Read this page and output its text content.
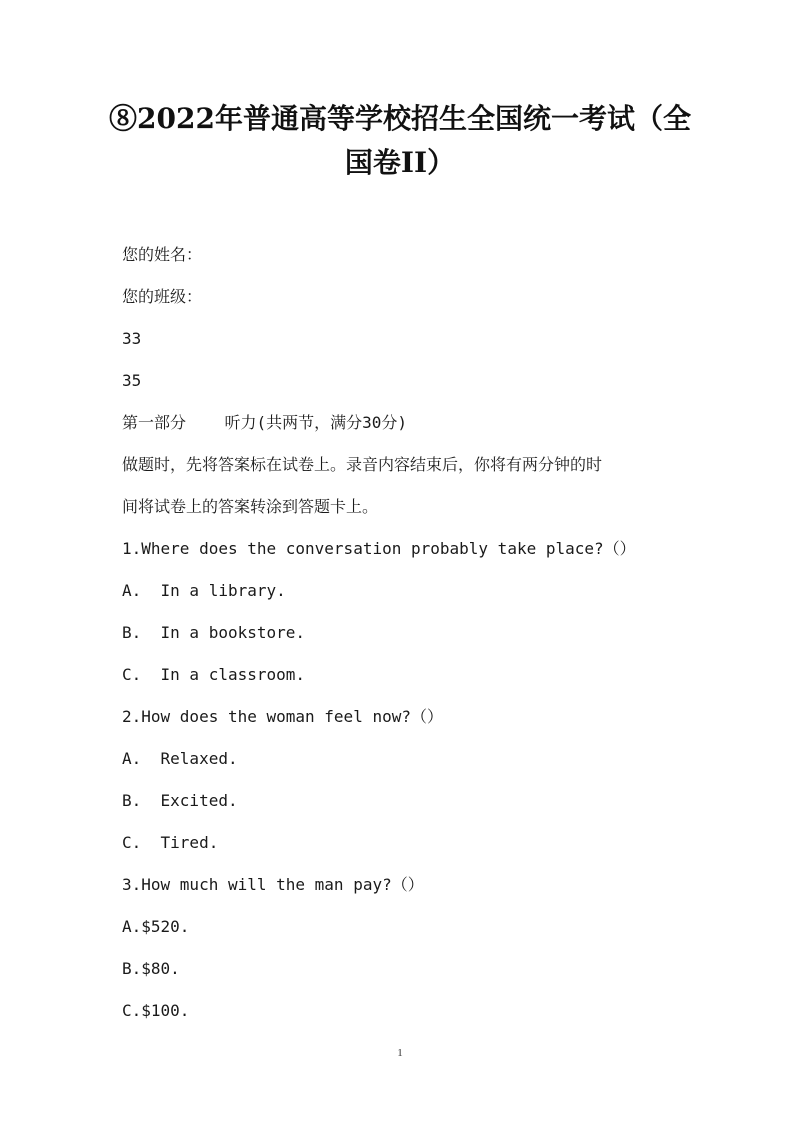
⑧2022年普通高等学校招生全国统一考试（全
国卷II）
您的姓名：
您的班级：
33
35
第一部分    听力(共两节，满分30分)
做题时，先将答案标在试卷上。录音内容结束后，你将有两分钟的时
间将试卷上的答案转涂到答题卡上。
1.Where does the conversation probably take place?（）
A.  In a library.
B.  In a bookstore.
C.  In a classroom.
2.How does the woman feel now?（）
A.  Relaxed.
B.  Excited.
C.  Tired.
3.How much will the man pay?（）
A.$520.
B.$80.
C.$100.
1
